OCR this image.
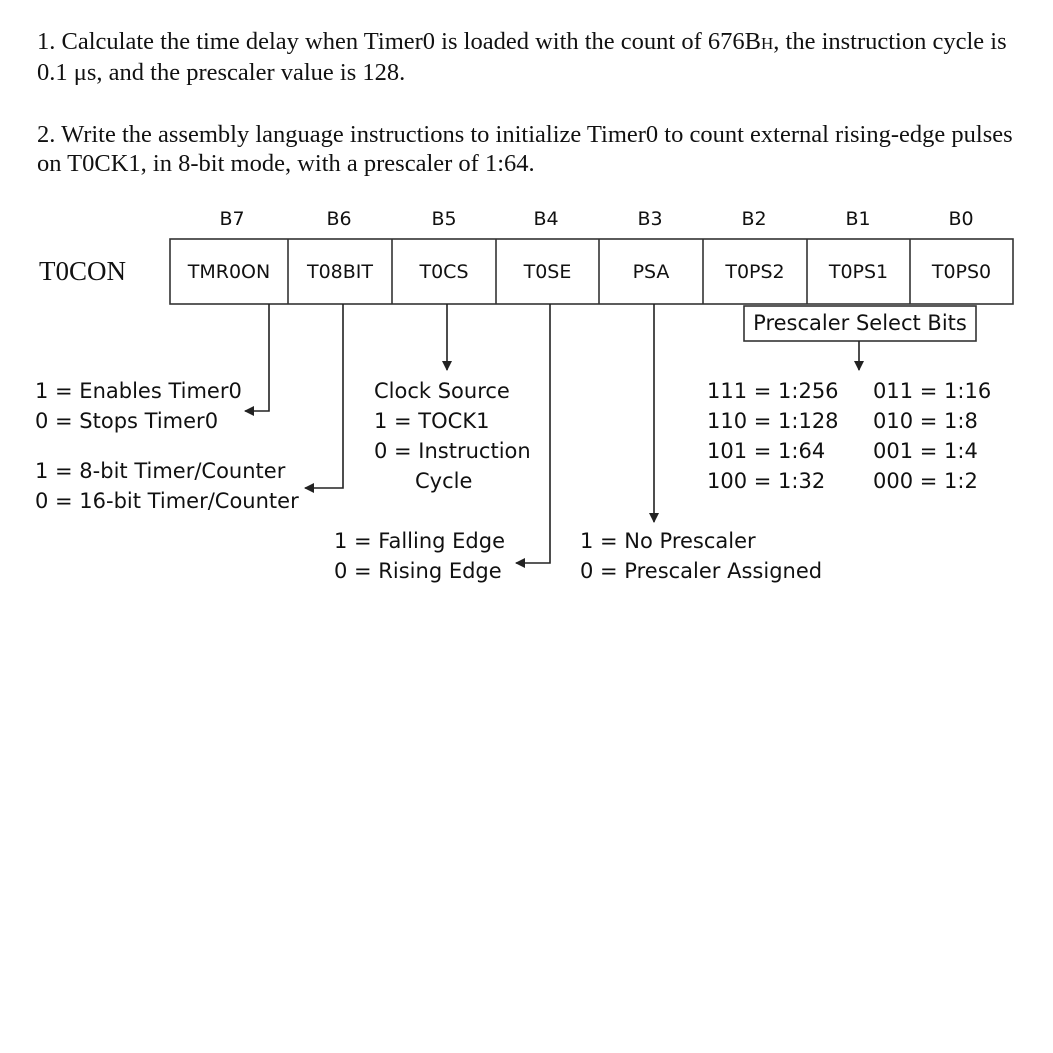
1. Calculate the time delay when Timer0 is loaded with the count of 676BH, the instruction cycle is 0.1 μs, and the prescaler value is 128.
2. Write the assembly language instructions to initialize Timer0 to count external rising-edge pulses on T0CK1, in 8-bit mode, with a prescaler of 1:64.
B7	B6	B5	B4	B3	B2	B1	B0
T0CON	TMR0ON	T08BIT	T0CS	T0SE	PSA	T0PS2	T0PS1	T0PS0
Prescaler Select Bits
1 = Enables Timer0
0 = Stops Timer0
1 = 8-bit Timer/Counter
0 = 16-bit Timer/Counter
Clock Source
1 = TOCK1
0 = Instruction
Cycle
1 = Falling Edge
0 = Rising Edge
1 = No Prescaler
0 = Prescaler Assigned
111 = 1:256
110 = 1:128
101 = 1:64
100 = 1:32
011 = 1:16
010 = 1:8
001 = 1:4
000 = 1:2
